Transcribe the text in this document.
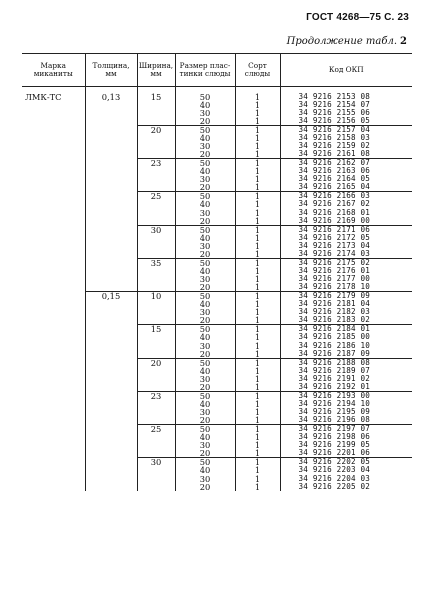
ГОСТ 4268—75 С. 23
Продолжение табл. 2
Марка миканиты	Толщина, мм	Ширина, мм	Размер плас-тинки слюды	Сорт слюды	Код ОКП

ЛМК-ТС	0,13	15	50	1	34 9216 2153 08
			40	1	34 9216 2154 07
			30	1	34 9216 2155 06
			20	1	34 9216 2156 05
		20	50	1	34 9216 2157 04
			40	1	34 9216 2158 03
			30	1	34 9216 2159 02
			20	1	34 9216 2161 08
		23	50	1	34 9216 2162 07
			40	1	34 9216 2163 06
			30	1	34 9216 2164 05
			20	1	34 9216 2165 04
		25	50	1	34 9216 2166 03
			40	1	34 9216 2167 02
			30	1	34 9216 2168 01
			20	1	34 9216 2169 00
		30	50	1	34 9216 2171 06
			40	1	34 9216 2172 05
			30	1	34 9216 2173 04
			20	1	34 9216 2174 03
		35	50	1	34 9216 2175 02
			40	1	34 9216 2176 01
			30	1	34 9216 2177 00
			20	1	34 9216 2178 10
	0,15	10	50	1	34 9216 2179 09
			40	1	34 9216 2181 04
			30	1	34 9216 2182 03
			20	1	34 9216 2183 02
		15	50	1	34 9216 2184 01
			40	1	34 9216 2185 00
			30	1	34 9216 2186 10
			20	1	34 9216 2187 09
		20	50	1	34 9216 2188 08
			40	1	34 9216 2189 07
			30	1	34 9216 2191 02
			20	1	34 9216 2192 01
		23	50	1	34 9216 2193 00
			40	1	34 9216 2194 10
			30	1	34 9216 2195 09
			20	1	34 9216 2196 08
		25	50	1	34 9216 2197 07
			40	1	34 9216 2198 06
			30	1	34 9216 2199 05
			20	1	34 9216 2201 06
		30	50	1	34 9216 2202 05
			40	1	34 9216 2203 04
			30	1	34 9216 2204 03
			20	1	34 9216 2205 02
